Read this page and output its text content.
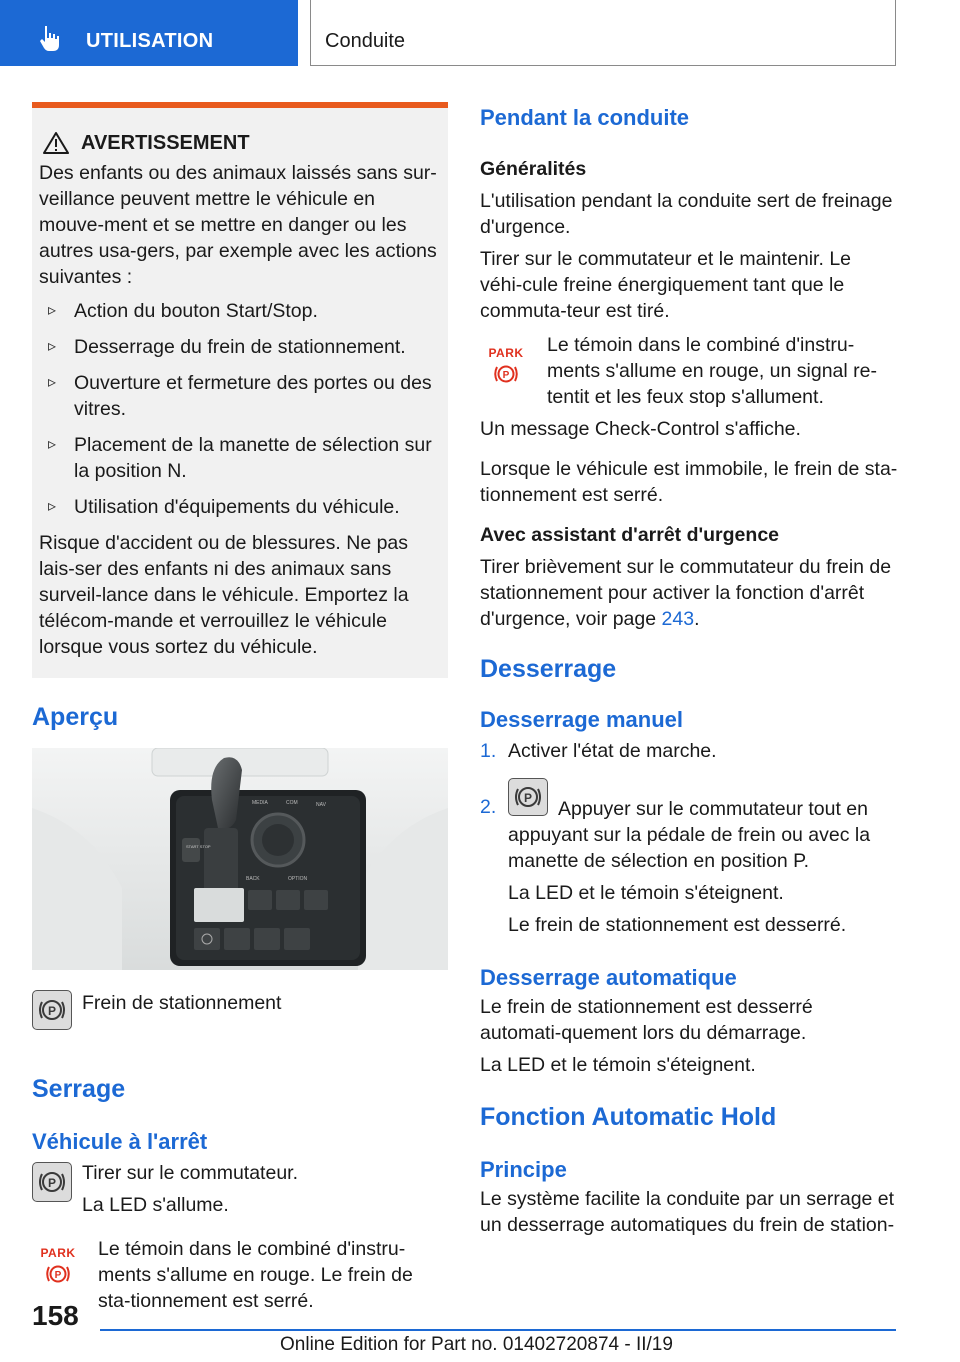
UTILISATION	Conduite
AVERTISSEMENT

Des enfants ou des animaux laissés sans sur-veillance peuvent mettre le véhicule en mouve-ment et se mettre en danger ou les autres usa-gers, par exemple avec les actions suivantes :

▹ Action du bouton Start/Stop.
▹ Desserrage du frein de stationnement.
▹ Ouverture et fermeture des portes ou des vitres.
▹ Placement de la manette de sélection sur la position N.
▹ Utilisation d'équipements du véhicule.

Risque d'accident ou de blessures. Ne pas lais-ser des enfants ni des animaux sans surveil-lance dans le véhicule. Emportez la télécom-mande et verrouillez le véhicule lorsque vous sortez du véhicule.

Aperçu
START STOP
MEDIA	COM	NAV
BACK	OPTION
P Frein de stationnement
Serrage
Véhicule à l'arrêt
P Tirer sur le commutateur.
La LED s'allume.
PARK
P
Le témoin dans le combiné d'instru-ments s'allume en rouge. Le frein de sta-tionnement est serré.
Pendant la conduite
Généralités

L'utilisation pendant la conduite sert de freinage d'urgence.

Tirer sur le commutateur et le maintenir. Le véhi-cule freine énergiquement tant que le commuta-teur est tiré.

PARK
P
Le témoin dans le combiné d'instru-ments s'allume en rouge, un signal re-tentit et les feux stop s'allument.

Un message Check-Control s'affiche.

Lorsque le véhicule est immobile, le frein de sta-tionnement est serré.

Avec assistant d'arrêt d'urgence

Tirer brièvement sur le commutateur du frein de stationnement pour activer la fonction d'arrêt d'urgence, voir page 243.

Desserrage
Desserrage manuel
1. Activer l'état de marche.
2. P	Appuyer sur le commutateur tout en appuyant sur la pédale de frein ou avec la manette de sélection en position P.
La LED et le témoin s'éteignent.
Le frein de stationnement est desserré.
Desserrage automatique

Le frein de stationnement est desserré automati-quement lors du démarrage.

La LED et le témoin s'éteignent.

Fonction Automatic Hold
Principe

Le système facilite la conduite par un serrage et un desserrage automatiques du frein de station-

158
Online Edition for Part no. 01402720874 - II/19
